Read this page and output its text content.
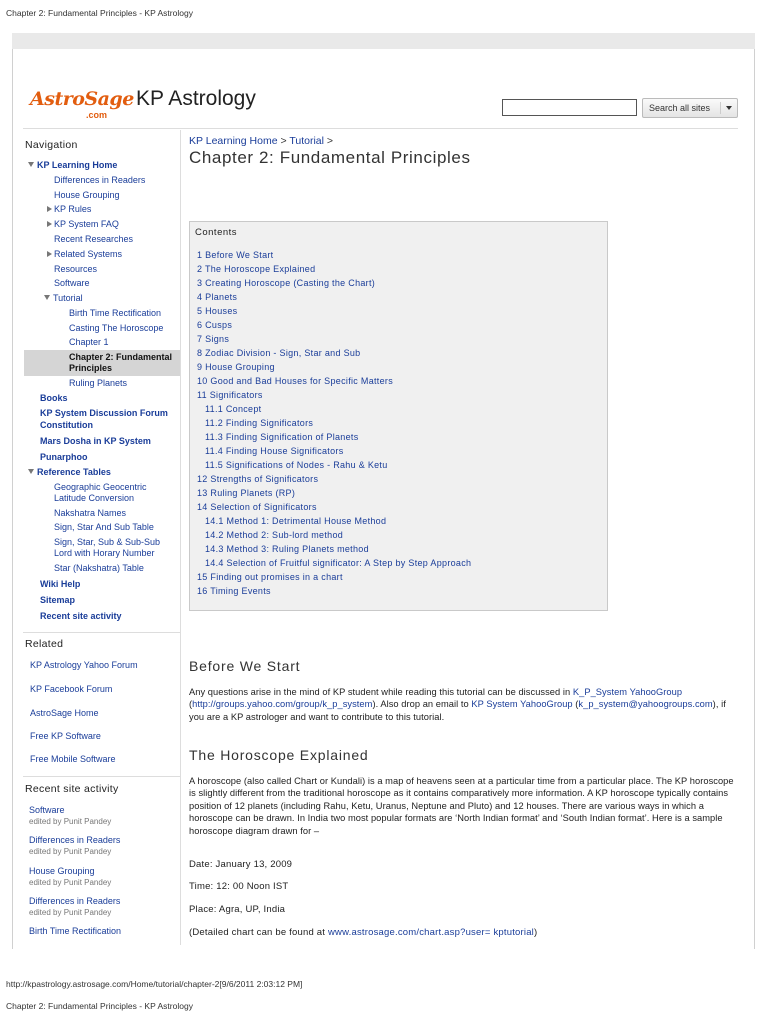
Chapter 2: Fundamental Principles - KP Astrology
AstroSage
.com
KP Astrology	Search all sites
Navigation
KP Learning Home
Differences in Readers
House Grouping
KP Rules
KP System FAQ
Recent Researches
Related Systems
Resources
Software
Tutorial
Birth Time Rectification
Casting The Horoscope
Chapter 1
Chapter 2: Fundamental
Principles
Ruling Planets
Books
KP System Discussion Forum
Constitution
Mars Dosha in KP System
Punarphoo
Reference Tables
Geographic Geocentric
Latitude Conversion
Nakshatra Names
Sign, Star And Sub Table
Sign, Star, Sub & Sub-Sub
Lord with Horary Number
Star (Nakshatra) Table
Wiki Help
Sitemap
Recent site activity
Related
KP Astrology Yahoo Forum
KP Facebook Forum
AstroSage Home
Free KP Software
Free Mobile Software
Recent site activity
Software
edited by Punit Pandey
Differences in Readers
edited by Punit Pandey
House Grouping
edited by Punit Pandey
Differences in Readers
edited by Punit Pandey
Birth Time Rectification
KP Learning Home > Tutorial >
Chapter 2: Fundamental Principles
Contents
1 Before We Start
2 The Horoscope Explained
3 Creating Horoscope (Casting the Chart)
4 Planets
5 Houses
6 Cusps
7 Signs
8 Zodiac Division - Sign, Star and Sub
9 House Grouping
10 Good and Bad Houses for Specific Matters
11 Significators
11.1 Concept
11.2 Finding Significators
11.3 Finding Signification of Planets
11.4 Finding House Significators
11.5 Significations of Nodes - Rahu & Ketu
12 Strengths of Significators
13 Ruling Planets (RP)
14 Selection of Significators
14.1 Method 1: Detrimental House Method
14.2 Method 2: Sub-lord method
14.3 Method 3: Ruling Planets method
14.4 Selection of Fruitful significator: A Step by Step Approach
15 Finding out promises in a chart
16 Timing Events
Before We Start
Any questions arise in the mind of KP student while reading this tutorial can be discussed in K_P_System YahooGroup (http://groups.yahoo.com/group/k_p_system). Also drop an email to KP System YahooGroup (k_p_system@yahoogroups.com), if you are a KP astrologer and want to contribute to this tutorial.
The Horoscope Explained
A horoscope (also called Chart or Kundali) is a map of heavens seen at a particular time from a particular place. The KP horoscope is slightly different from the traditional horoscope as it contains comparatively more information. A KP horoscope typically contains position of 12 planets (including Rahu, Ketu, Uranus, Neptune and Pluto) and 12 houses. There are various ways in which a horoscope can be drawn. In India two most popular formats are ‘North Indian format’ and ‘South Indian format’. Here is a sample horoscope diagram drawn for –
Date: January 13, 2009
Time: 12: 00 Noon IST
Place: Agra, UP, India
(Detailed chart can be found at www.astrosage.com/chart.asp?user= kptutorial)
http://kpastrology.astrosage.com/Home/tutorial/chapter-2[9/6/2011 2:03:12 PM]
Chapter 2: Fundamental Principles - KP Astrology
